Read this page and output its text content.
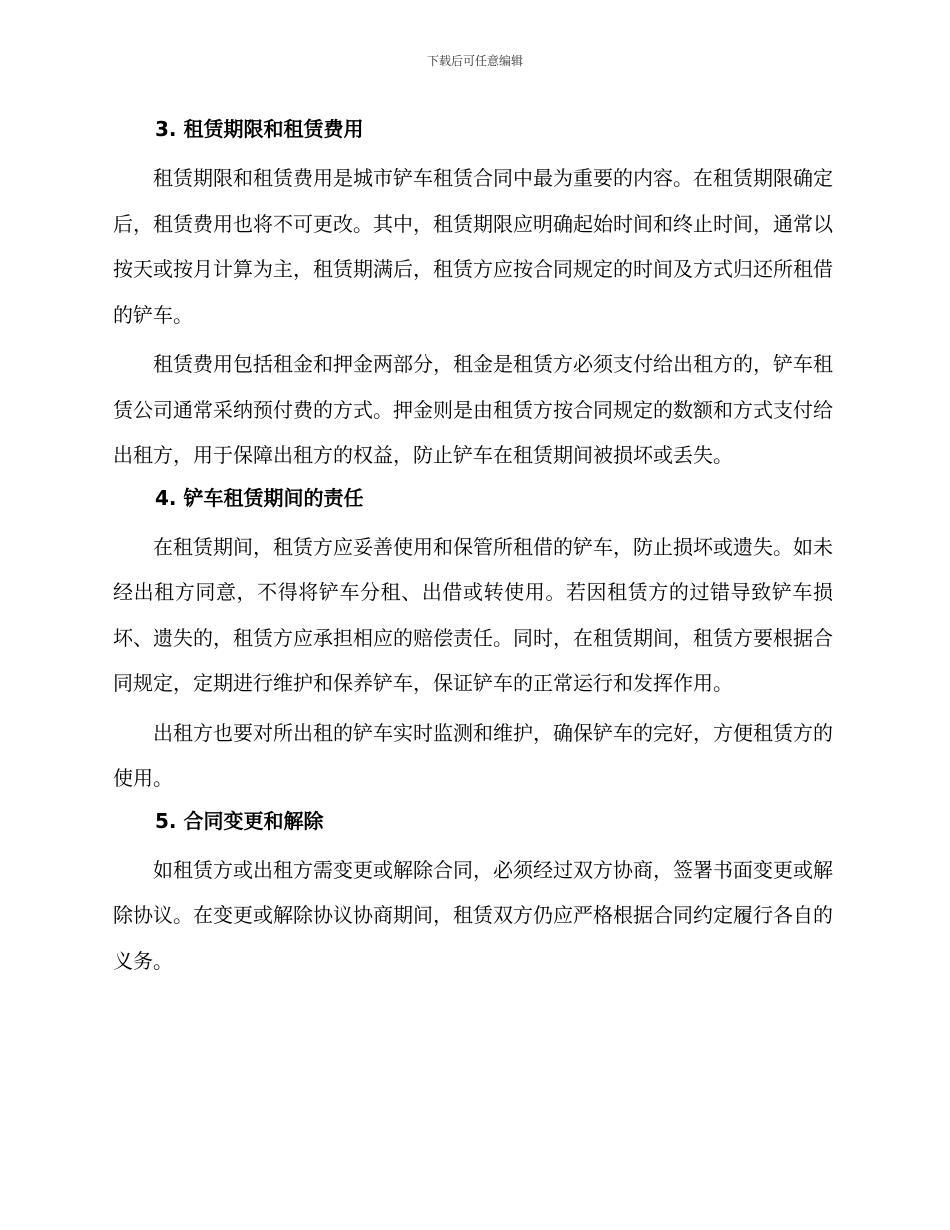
下载后可任意编辑

3. 租赁期限和租赁费用

租赁期限和租赁费用是城市铲车租赁合同中最为重要的内容。在租赁期限确定后，租赁费用也将不可更改。其中，租赁期限应明确起始时间和终止时间，通常以按天或按月计算为主，租赁期满后，租赁方应按合同规定的时间及方式归还所租借的铲车。

租赁费用包括租金和押金两部分，租金是租赁方必须支付给出租方的，铲车租赁公司通常采纳预付费的方式。押金则是由租赁方按合同规定的数额和方式支付给出租方，用于保障出租方的权益，防止铲车在租赁期间被损坏或丢失。

4. 铲车租赁期间的责任

在租赁期间，租赁方应妥善使用和保管所租借的铲车，防止损坏或遗失。如未经出租方同意，不得将铲车分租、出借或转使用。若因租赁方的过错导致铲车损坏、遗失的，租赁方应承担相应的赔偿责任。同时，在租赁期间，租赁方要根据合同规定，定期进行维护和保养铲车，保证铲车的正常运行和发挥作用。

出租方也要对所出租的铲车实时监测和维护，确保铲车的完好，方便租赁方的使用。

5. 合同变更和解除

如租赁方或出租方需变更或解除合同，必须经过双方协商，签署书面变更或解除协议。在变更或解除协议协商期间，租赁双方仍应严格根据合同约定履行各自的义务。
